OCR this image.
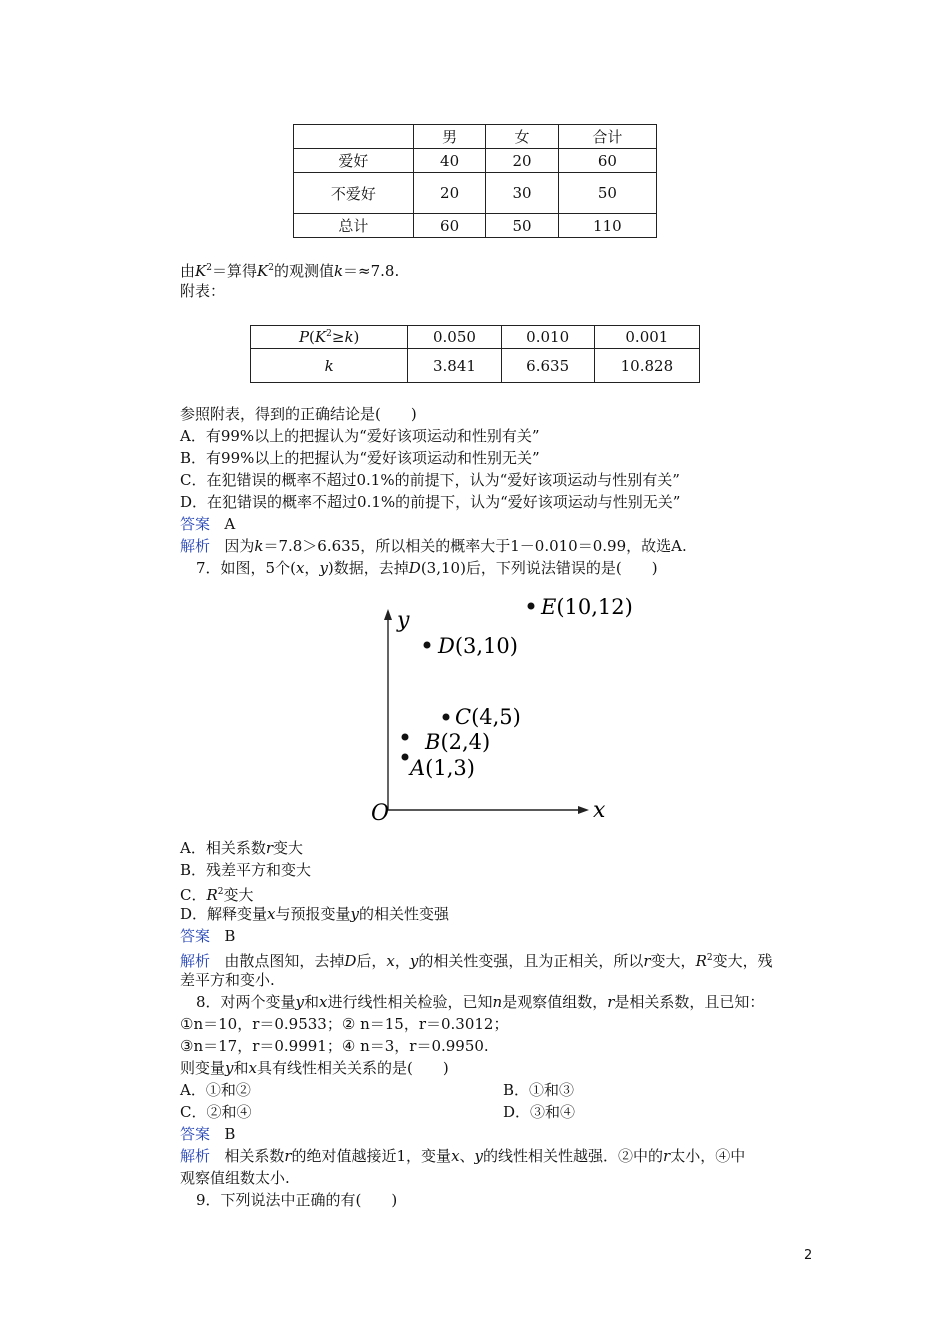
	男	女	合计
爱好	40	20	60
不爱好	20	30	50
总计	60	50	110
由$K^2=$算得$K^2$的观测值k＝≈7.8.
附表：
$P(K^2\ge k)$	0.050	0.010	0.001
k	3.841	6.635	10.828
参照附表，得到的正确结论是(　　)
A．有99%以上的把握认为“爱好该项运动和性别有关”
B．有99%以上的把握认为“爱好该项运动和性别无关”
C．在犯错误的概率不超过0.1%的前提下，认为“爱好该项运动与性别有关”
D．在犯错误的概率不超过0.1%的前提下，认为“爱好该项运动与性别无关”
答案 A
解析 因为k＝7.8＞6.635，所以相关的概率大于1－0.010＝0.99，故选A.
7．如图，5个(x，y)数据，去掉D(3,10)后，下列说法错误的是(　　)
y
x
O
A(1,3)
B(2,4)
C(4,5)
D(3,10)
E(10,12)
A．相关系数r变大
B．残差平方和变大
C．$R^2$变大
D．解释变量x与预报变量y的相关性变强
答案 B
解析 由散点图知，去掉D后，x，y的相关性变强，且为正相关，所以r变大，$R^2$变大，残
差平方和变小.
8．对两个变量y和x进行线性相关检验，已知n是观察值组数，r是相关系数，且已知：
①n＝10，r＝0.9533；② n＝15，r＝0.3012；
③n＝17，r＝0.9991；④ n＝3，r＝0.9950.
则变量y和x具有线性相关关系的是(　　)
A．①和②	B．①和③
C．②和④	D．③和④
答案 B
解析 相关系数r的绝对值越接近1，变量x、y的线性相关性越强．②中的r太小，④中
观察值组数太小.
9．下列说法中正确的有(　　)
2
